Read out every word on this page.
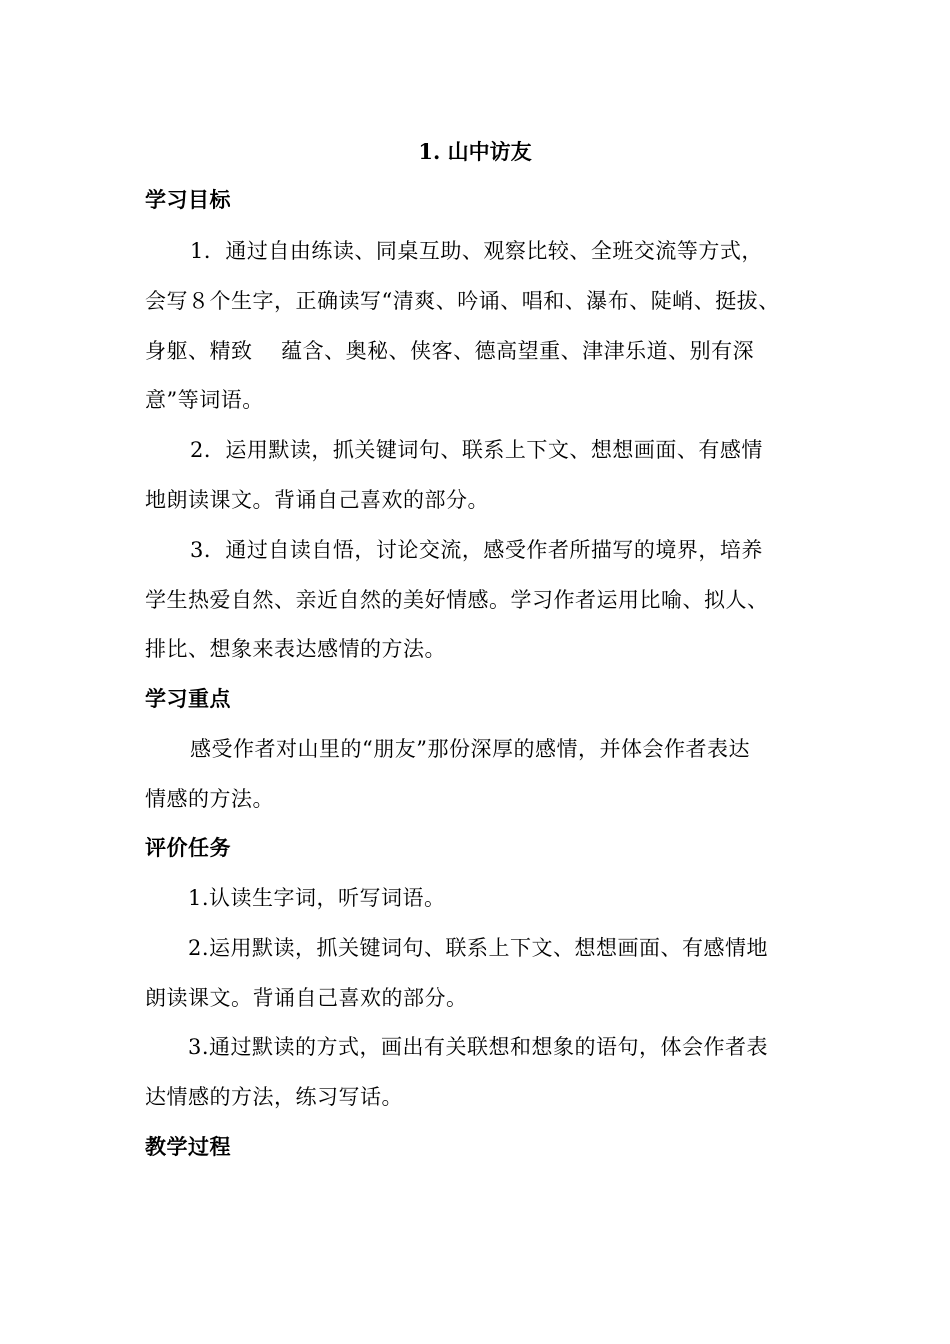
1. 山中访友
学习目标
1．通过自由练读、同桌互助、观察比较、全班交流等方式，
会写８个生字，正确读写“清爽、吟诵、唱和、瀑布、陡峭、挺拔、
身躯、精致　 蕴含、奥秘、侠客、德高望重、津津乐道、别有深
意”等词语。
2．运用默读，抓关键词句、联系上下文、想想画面、有感情
地朗读课文。背诵自己喜欢的部分。
3．通过自读自悟，讨论交流，感受作者所描写的境界，培养
学生热爱自然、亲近自然的美好情感。学习作者运用比喻、拟人、
排比、想象来表达感情的方法。
学习重点
感受作者对山里的“朋友”那份深厚的感情，并体会作者表达
情感的方法。
评价任务
1.认读生字词，听写词语。
2.运用默读，抓关键词句、联系上下文、想想画面、有感情地
朗读课文。背诵自己喜欢的部分。
3.通过默读的方式，画出有关联想和想象的语句，体会作者表
达情感的方法，练习写话。
教学过程
